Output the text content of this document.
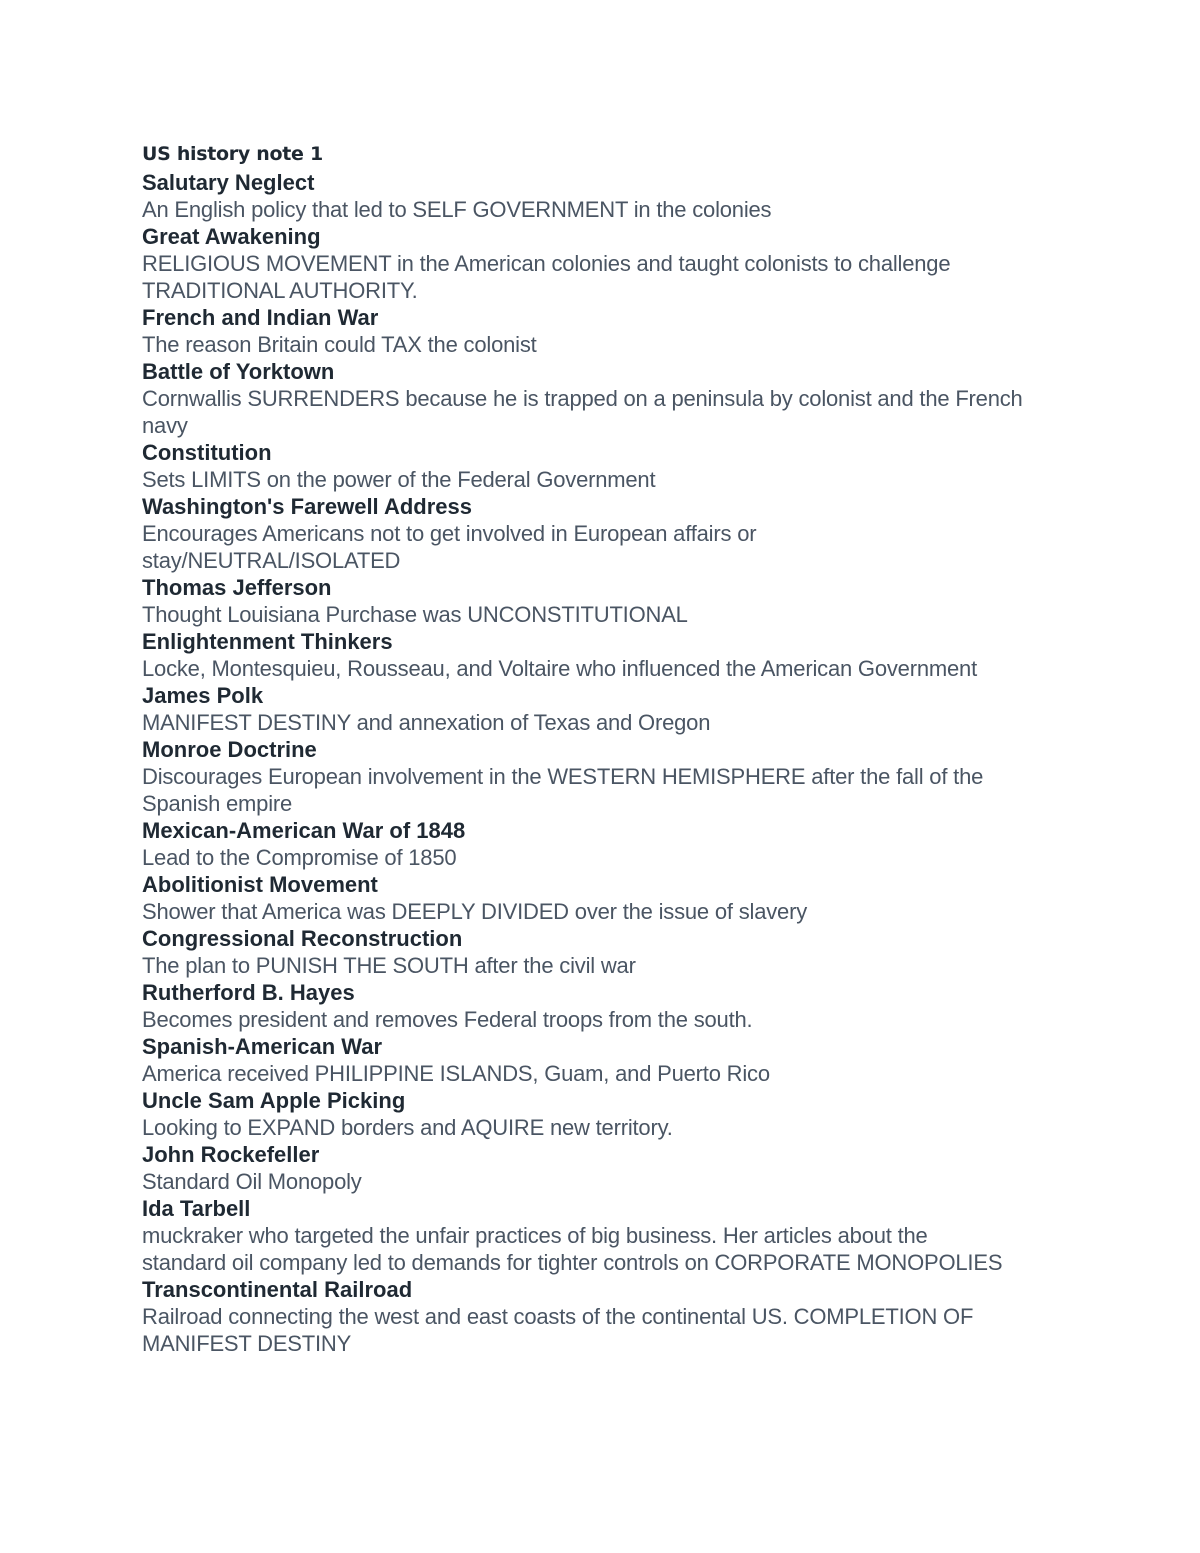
US history note 1
Salutary Neglect
An English policy that led to SELF GOVERNMENT in the colonies
Great Awakening
RELIGIOUS MOVEMENT in the American colonies and taught colonists to challenge TRADITIONAL AUTHORITY.
French and Indian War
The reason Britain could TAX the colonist
Battle of Yorktown
Cornwallis SURRENDERS because he is trapped on a peninsula by colonist and the French navy
Constitution
Sets LIMITS on the power of the Federal Government
Washington's Farewell Address
Encourages Americans not to get involved in European affairs or stay/NEUTRAL/ISOLATED
Thomas Jefferson
Thought Louisiana Purchase was UNCONSTITUTIONAL
Enlightenment Thinkers
Locke, Montesquieu, Rousseau, and Voltaire who influenced the American Government
James Polk
MANIFEST DESTINY and annexation of Texas and Oregon
Monroe Doctrine
Discourages European involvement in the WESTERN HEMISPHERE after the fall of the Spanish empire
Mexican-American War of 1848
Lead to the Compromise of 1850
Abolitionist Movement
Shower that America was DEEPLY DIVIDED over the issue of slavery
Congressional Reconstruction
The plan to PUNISH THE SOUTH after the civil war
Rutherford B. Hayes
Becomes president and removes Federal troops from the south.
Spanish-American War
America received PHILIPPINE ISLANDS, Guam, and Puerto Rico
Uncle Sam Apple Picking
Looking to EXPAND borders and AQUIRE new territory.
John Rockefeller
Standard Oil Monopoly
Ida Tarbell
muckraker who targeted the unfair practices of big business. Her articles about the standard oil company led to demands for tighter controls on CORPORATE MONOPOLIES
Transcontinental Railroad
Railroad connecting the west and east coasts of the continental US. COMPLETION OF MANIFEST DESTINY
